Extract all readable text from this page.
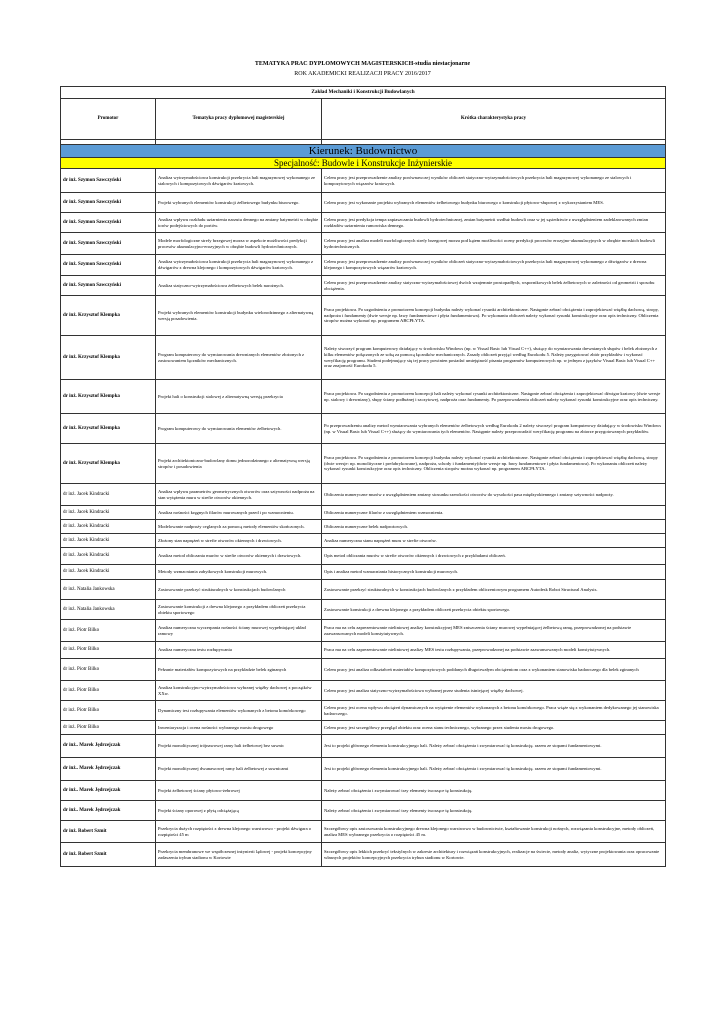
TEMATYKA PRAC DYPLOMOWYCH MAGISTERSKICH-studia niestacjonarne
ROK AKADEMICKI REALIZACJI PRACY 2016/2017
Zakład Mechaniki i Konstrukcji Budowlanych		
Promotor	Tematyka pracy dyplomowej magisterskiej	Krótka charakterystyka pracy

Kierunek: Budownictwo		
Specjalność: Budowle i Konstrukcje Inżynierskie		
dr inż. Szymon Sawczyński	Analiza wytrzymałościowa konstrukcji przekrycia hali magazynowej wykonanego ze stalowych i kompozytowych dźwigarów kratowych.	Celem pracy jest przeprowadzenie analizy porównawczej wyników obliczeń statyczno-wytrzymałościowych przekrycia hali magazynowej wykonanego ze stalowych i kompozytowych wiązarów kratowych.
dr inż. Szymon Sawczyński	Projekt wybranych elementów konstrukcji żelbetowego budynku biurowego.	Celem pracy jest wykonanie projektu wybranych elementów żelbetowego budynku biurowego o konstrukcji płytowo-słupowej z wykorzystaniem MES.
dr inż. Szymon Sawczyński	Analiza wpływu rozkładu uziarnienia narzutu dennego na zmiany batymetrii w obrębie torów podejściowych do portów.	Celem pracy jest predykcja tempa zapiaszczania budowli hydrotechnicznej, zmian batymetrii wzdłuż budowli oraz w jej sąsiedztwie z uwzględnieniem zadeklarowanych zmian rozkładów uziarnienia rumowiska dennego.
dr inż. Szymon Sawczyński	Modele morfologiczne strefy brzegowej morza w aspekcie możliwości predykcji procesów akumulacyjno-erozyjnych w obrębie budowli hydrotechnicznych.	Celem pracy jest analiza modeli morfologicznych strefy brzegowej morza pod kątem możliwości oceny predykcji procesów erozyjno-akumulacyjnych w obrębie morskich budowli hydrotechnicznych.
dr inż. Szymon Sawczyński	Analiza wytrzymałościowa konstrukcji przekrycia hali magazynowej wykonanego z dźwigarów z drewna klejonego i kompozytowych dźwigarów kratowych.	Celem pracy jest przeprowadzenie analizy porównawczej wyników obliczeń statyczno-wytrzymałościowych przekrycia hali magazynowej wykonanego z dźwigarów z drewna klejonego i kompozytowych wiązarów kratowych.
dr inż. Szymon Sawczyński	Analiza statyczno-wytrzymałościowa żelbetowych belek narożnych.	Celem pracy jest przeprowadzenie analizy statyczno-wytrzymałościowej dwóch wzajemnie prostopadłych, wspornikowych belek żelbetowych w zależności od geometrii i sposobu obciążenia.
dr inż. Krzysztof Klempka	Projekt wybranych elementów konstrukcji budynku wielorodzinnego z alternatywną wersją posadowienia.	Praca projektowa. Po uzgodnieniu z promotorem koncepcji budynku należy wykonać rysunki architektoniczne. Następnie zebrać obciążenia i zaprojektować więźbę dachową, stropy, nadproża i fundamenty (dwie wersje np. ławy fundamentowe i płyta fundamentowa). Po wykonaniu obliczeń należy wykonać rysunki konstrukcyjne oraz opis techniczny. Obliczenia stropów można wykonać np. programem ABCPŁYTA.
dr inż. Krzysztof Klempka	Program komputerowy do wymiarowania drewnianych elementów złożonych z zastosowaniem łączników mechanicznych.	Należy stworzyć program komputerowy działający w środowisku Windows (np. w Visual Basic lub Visual C++), służący do wymiarowania drewnianych słupów i belek złożonych z kilku elementów połączonych ze sobą za pomocą łączników mechanicznych. Zasady obliczeń przyjąć według Eurokodu 5. Należy przygotować zbiór przykładów i wykonać weryfikację programu. Student podejmujący się tej pracy powinien posiadać umiejętność pisania programów komputerowych np. w jednym z języków Visual Basic lub Visual C++ oraz znajomość Eurokodu 5.
dr inż. Krzysztof Klempka	Projekt hali o konstrukcji stalowej z alternatywną wersją przekrycia	Praca projektowa. Po uzgodnieniu z promotorem koncepcji hali należy wykonać rysunki architektoniczne. Następnie zebrać obciążenia i zaprojektować dźwigar kratowy (dwie wersje np. stalowy i drewniany), słupy ściany podłużnej i szczytowej, nadproża oraz fundamenty. Po przeprowadzeniu obliczeń należy wykonać rysunki konstrukcyjne oraz opis techniczny.
dr inż. Krzysztof Klempka	Program komputerowy do wymiarowania elementów żelbetowych.	Po przeprowadzeniu analizy metod wymiarowania wybranych elementów żelbetowych według Eurokodu 2 należy stworzyć program komputerowy działający w środowisku Windows (np. w Visual Basic lub Visual C++) służący do wymiarowania tych elementów. Następnie należy przeprowadzić weryfikację programu na zbiorze przygotowanych przykładów.
dr inż. Krzysztof Klempka	Projekt architektoniczno-budowlany domu jednorodzinnego z alternatywną wersją stropów i posadowienia	Praca projektowa. Po uzgodnieniu z promotorem koncepcji budynku należy wykonać rysunki architektoniczne. Następnie zebrać obciążenia i zaprojektować więźbę dachową, stropy (dwie wersje: np. monolityczne i prefabrykowane), nadproża, schody i fundamenty(dwie wersje np. ławy fundamentowe i płyta fundamentowa). Po wykonaniu obliczeń należy wykonać rysunki konstrukcyjne oraz opis techniczny. Obliczenia stropów można wykonać np. programem ABCPŁYTA.
dr inż. Jacek Kindracki	Analiza wpływu parametrów geometrycznych otworów oraz sztywności nadproża na stan wytężenia muru w strefie otworów okiennych.	Obliczenia numeryczne murów z uwzględnieniem zmiany stosunku szerokości otworów do wysokości pasa międzyokiennego i zmiany sztywności nadproży.
dr inż. Jacek Kindracki	Analiza nośności kręgnych filarów murowanych przed i po wzmocnieniu.	Obliczenia numeryczne filarów z uwzględnieniem wzmocnienia.
dr inż. Jacek Kindracki	Modelowanie nadproży ceglanych za pomocą metody elementów skończonych.	Obliczenia numeryczne belek nadprożowych.
dr inż. Jacek Kindracki	Złożony stan naprężeń w strefie otworów okiennych i drzwiowych.	Analiza numeryczna stanu naprężeń muru w strefie otworów.
dr inż. Jacek Kindracki	Analiza metod obliczania murów w strefie otworów okiennych i drzwiowych.	Opis metod obliczania murów w strefie otworów okiennych i drzwiowych z przykładami obliczeń.
dr inż. Jacek Kindracki	Metody wzmacniania zabytkowych konstrukcji murowych.	Opis i analiza metod wzmacniania historycznych konstrukcji murowych.
dr inż. Natalia Jankowska	Zastosowanie przekryć strukturalnych w konstrukcjach budowlanych	Zastosowanie przekryć strukturalnych w konstrukcjach budowlanych z przykładem obliczeniowym programem Autodesk Robot Structural Analysis.
dr inż. Natalia Jankowska	Zastosowanie konstrukcji z drewna klejonego z przykładem obliczeń przekrycia obiektu sportowego	Zastosowanie konstrukcji z drewna klejonego z przykładem obliczeń przekrycia obiektu sportowego.
dr inż. Piotr Bilko	Analiza numeryczna wyczerpania nośności ściany murowej wypełniającej układ ramowy	Praca ma na celu zaprezentowanie nieliniowej analizy konstrukcyjnej MES zniszczenia ściany murowej wypełniającej żelbetową ramę, przeprowadzonej na podstawie zaawansowanych modeli konstytutywnych.
dr inż. Piotr Bilko	Analiza numeryczna testu rozłupywania	Praca ma na celu zaprezentowanie nieliniowej analizy MES testu rozłupywania, przeprowadzonej na podstawie zaawansowanych modeli konstytutywnych.
dr inż. Piotr Bilko	Pełzanie materiałów kompozytowych na przykładzie belek zginanych	Celem pracy jest analiza odkształceń materiałów kompozytowych poddanych długotrwałym obciążeniom oraz z wykonaniem stanowiska badawczego dla belek zginanych
dr inż. Piotr Bilko	Analiza konstrukcyjno-wytrzymałościowa wybranej więźby dachowej z początków XXw.	Celem pracy jest analiza statyczno-wytrzymałościowa wybranej przez studenta istniejącej więźby dachowej.
dr inż. Piotr Bilko	Dynamiczny test rozłupywania elementów wykonanych z betonu komórkowego	Celem pracy jest ocena wpływu obciążeń dynamicznych na wytężenie elementów wykonanych z betonu komórkowego. Praca wiąże się z wykonaniem dedykowanego jej stanowiska badawczego.
dr inż. Piotr Bilko	Inwentaryzacja i ocena nośności wybranego mostu drogowego	Celem pracy jest szczegółowy przegląd obiektu oraz ocena stanu technicznego, wybranego przez studenta mostu drogowego.
dr inż.. Marek Jędrzejczak	Projekt monolitycznej trójnawowej ramy hali żelbetowej bez suwnic	Jest to projekt głównego elementu konstrukcyjnego hali. Należy zebrać obciążenia i zwymiarować tę konstrukcję. razem ze stopami fundamentowymi.
dr inż.. Marek Jędrzejczak	Projekt monolitycznej dwunawowej ramy hali żelbetowej z suwnicami	Jest to projekt głównego elementu konstrukcyjnego hali. Należy zebrać obciążenia i zwymiarować tę konstrukcję. razem ze stopami fundamentowymi.
dr inż.. Marek Jędrzejczak	Projekt żelbetowej ściany płytowo-żebrowej	Należy zebrać obciążenia i zwymiarować trzy elementy tworzące tę konstrukcję.
dr inż.. Marek Jędrzejczak	Projekt ściany oporowej z płytą odciążającą	Należy zebrać obciążenia i zwymiarować trzy elementy tworzące tę konstrukcję.
dr inż. Robert Szmit	Przekrycia dużych rozpiętości z drewna klejonego warstwowo - projekt dźwigara o rozpiętości 45 m	Szczegółowy opis zastosowania konstrukcyjnego drewna klejonego warstwowo w budownictwie, kształtowanie konstrukcji nośnych, rozwiązania konstrukcyjne, metody obliczeń, analiza MES wybranego przekrycia o rozpiętości 45 m.
dr inż. Robert Szmit	Przekrycia membranowe we współczesnej inżynierii lądowej - projekt koncepcyjny zadaszenia trybun stadionu w Kortowie	Szczegółowy opis lekkich przekryć tekstylnych w zakresie architektury i rozwiązań konstrukcyjnych, realizacje na świecie, metody analiz, wytyczne projektowania oraz opracowanie własnych projektów koncepcyjnych przekrycia trybun stadionu w Kortowie.
